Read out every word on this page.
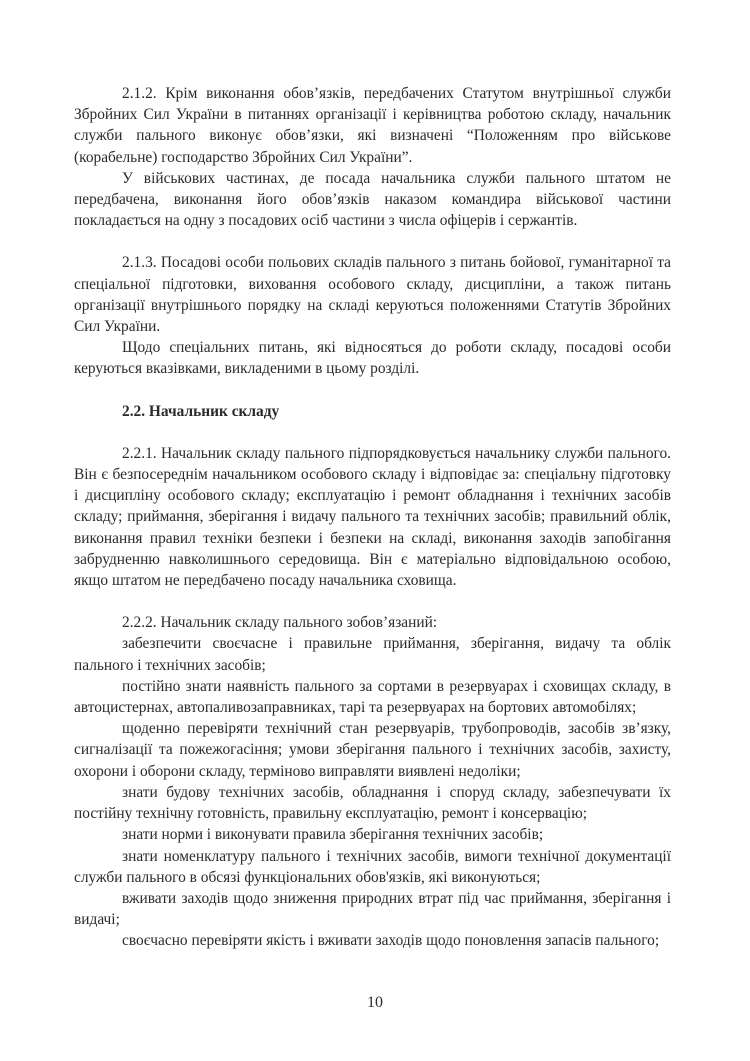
2.1.2. Крім виконання обов’язків, передбачених Статутом внутрішньої служби Збройних Сил України в питаннях організації і керівництва роботою складу, начальник служби пального виконує обов’язки, які визначені “Положенням про військове (корабельне) господарство Збройних Сил України”.

У військових частинах, де посада начальника служби пального штатом не передбачена, виконання його обов’язків наказом командира військової частини покладається на одну з посадових осіб частини з числа офіцерів і сержантів.

2.1.3. Посадові особи польових складів пального з питань бойової, гуманітарної та спеціальної підготовки, виховання особового складу, дисципліни, а також питань організації внутрішнього порядку на складі керуються положеннями Статутів Збройних Сил України.

Щодо спеціальних питань, які відносяться до роботи складу, посадові особи керуються вказівками, викладеними в цьому розділі.

2.2. Начальник складу

2.2.1. Начальник складу пального підпорядковується начальнику служби пального. Він є безпосереднім начальником особового складу і відповідає за: спеціальну підготовку і дисципліну особового складу; експлуатацію і ремонт обладнання і технічних засобів складу; приймання, зберігання і видачу пального та технічних засобів; правильний облік, виконання правил техніки безпеки і безпеки на складі, виконання заходів запобігання забрудненню навколишнього середовища. Він є матеріально відповідальною особою, якщо штатом не передбачено посаду начальника сховища.

2.2.2. Начальник складу пального зобов’язаний:

забезпечити своєчасне і правильне приймання, зберігання, видачу та облік пального і технічних засобів;

постійно знати наявність пального за сортами в резервуарах і сховищах складу, в автоцистернах, автопаливозаправниках, тарі та резервуарах на бортових автомобілях;

щоденно перевіряти технічний стан резервуарів, трубопроводів, засобів зв’язку, сигналізації та пожежогасіння; умови зберігання пального і технічних засобів, захисту, охорони і оборони складу, терміново виправляти виявлені недоліки;

знати будову технічних засобів, обладнання і споруд складу, забезпечувати їх постійну технічну готовність, правильну експлуатацію, ремонт і консервацію;

знати норми і виконувати правила зберігання технічних засобів;

знати номенклатуру пального і технічних засобів, вимоги технічної документації служби пального в обсязі функціональних обов'язків, які виконуються;

вживати заходів щодо зниження природних втрат під час приймання, зберігання і видачі;

своєчасно перевіряти якість і вживати заходів щодо поновлення запасів пального;

10
